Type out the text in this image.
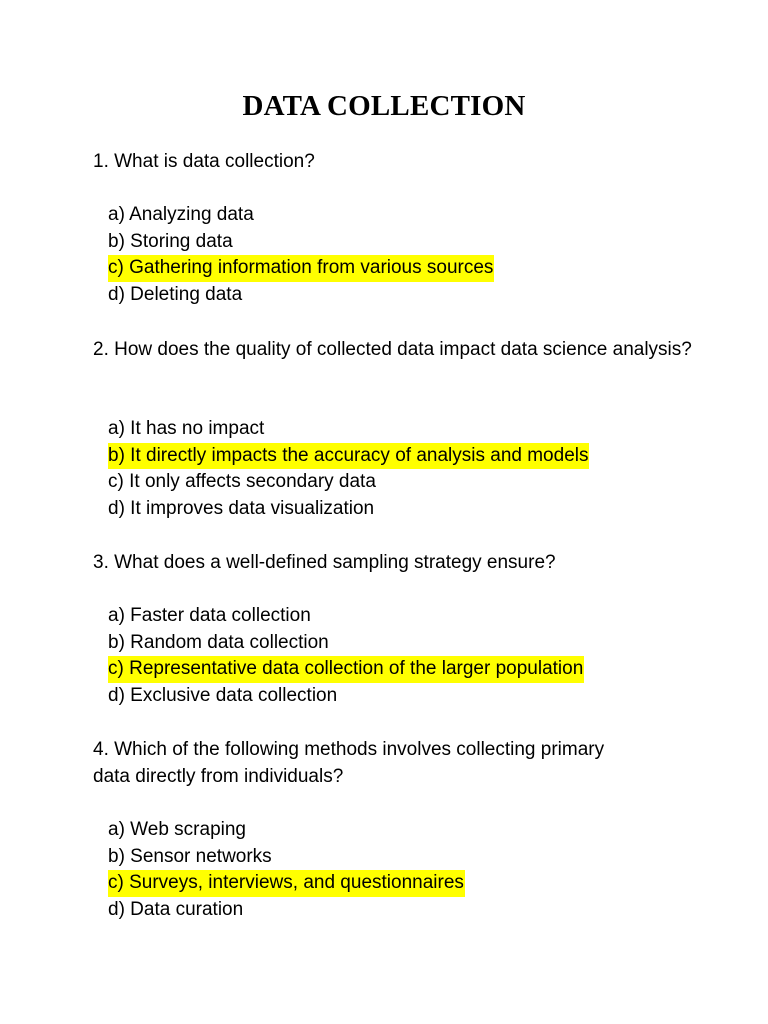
DATA COLLECTION
1. What is data collection?
a) Analyzing data
b) Storing data
c) Gathering information from various sources
d) Deleting data
2. How does the quality of collected data impact data science analysis?
a) It has no impact
b) It directly impacts the accuracy of analysis and models
c) It only affects secondary data
d) It improves data visualization
3. What does a well-defined sampling strategy ensure?
a) Faster data collection
b) Random data collection
c) Representative data collection of the larger population
d) Exclusive data collection
4. Which of the following methods involves collecting primary data directly from individuals?
a) Web scraping
b) Sensor networks
c) Surveys, interviews, and questionnaires
d) Data curation
